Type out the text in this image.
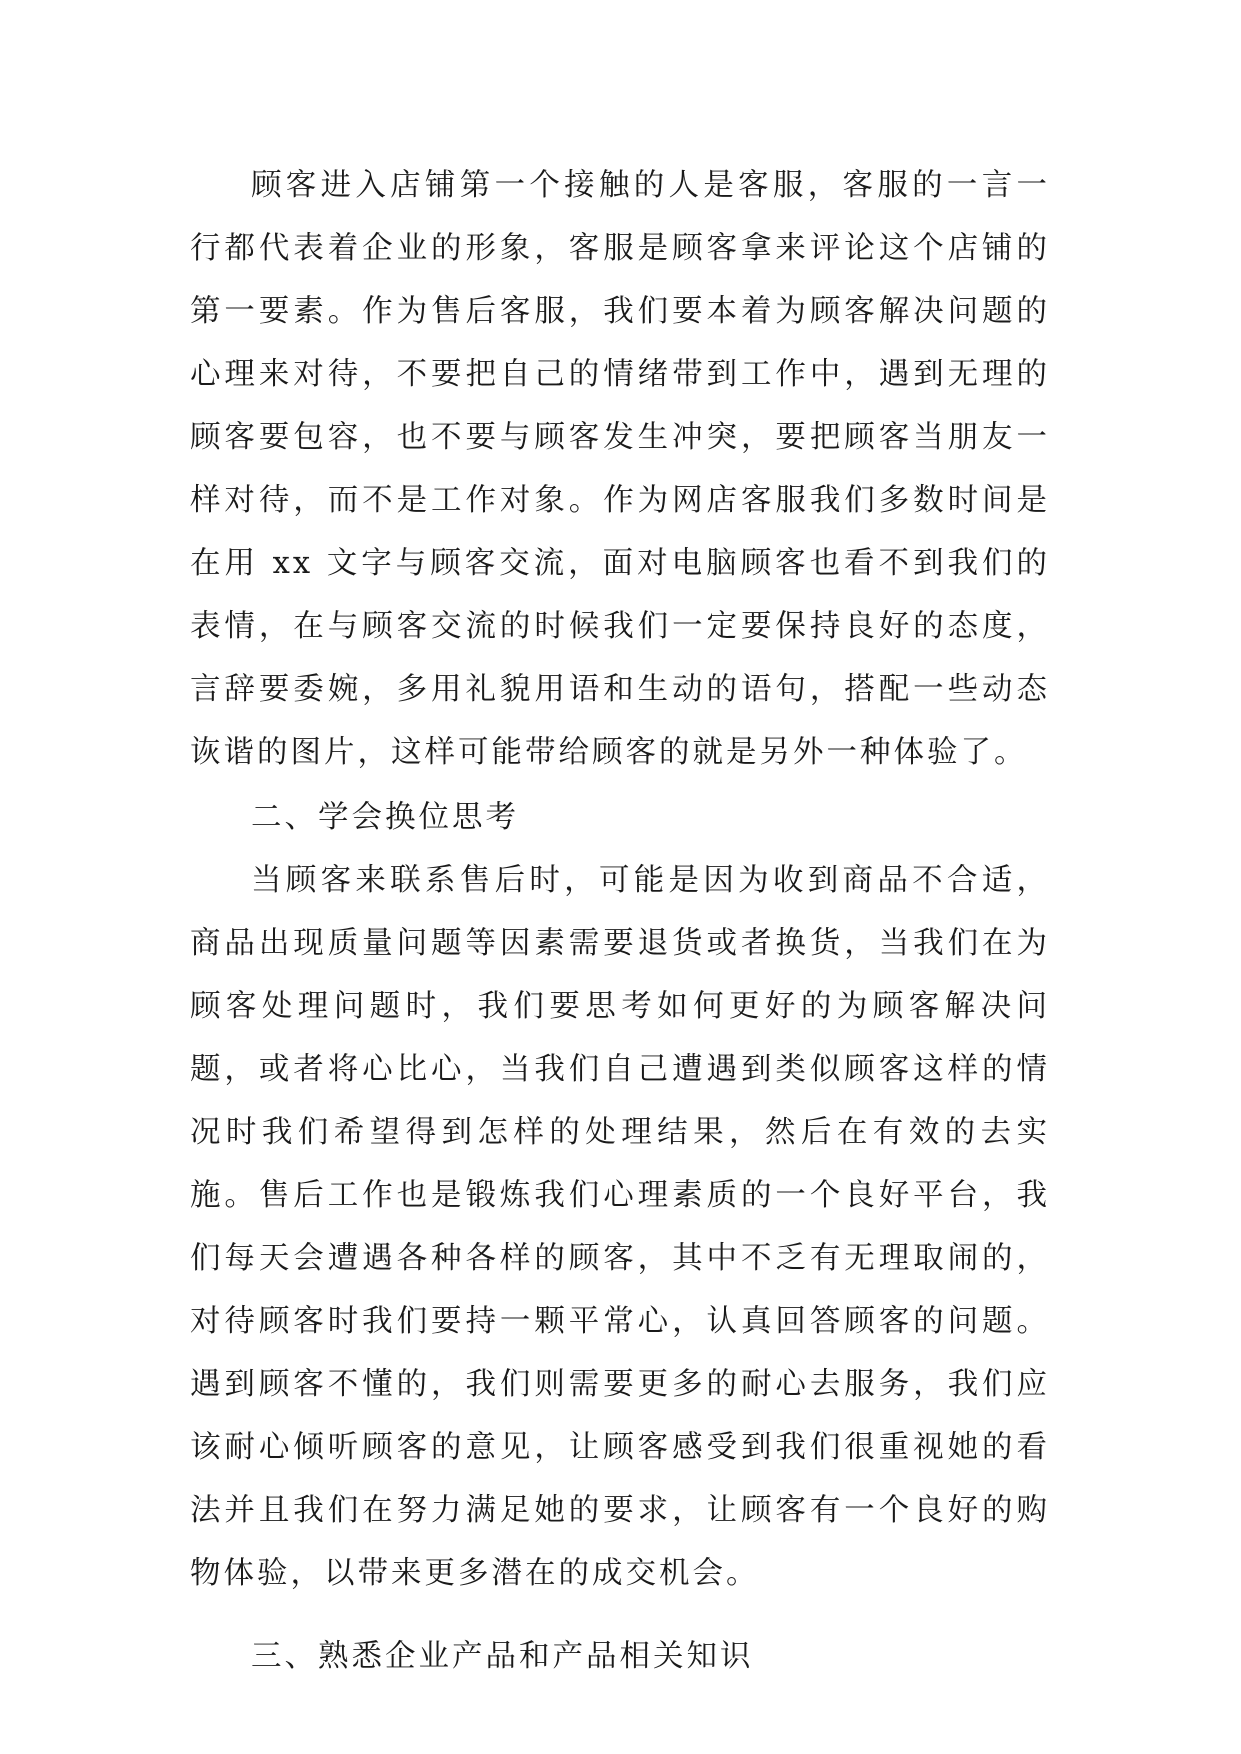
顾客进入店铺第一个接触的人是客服，客服的一言一行都代表着企业的形象，客服是顾客拿来评论这个店铺的第一要素。作为售后客服，我们要本着为顾客解决问题的心理来对待，不要把自己的情绪带到工作中，遇到无理的顾客要包容，也不要与顾客发生冲突，要把顾客当朋友一样对待，而不是工作对象。作为网店客服我们多数时间是在用 xx 文字与顾客交流，面对电脑顾客也看不到我们的表情，在与顾客交流的时候我们一定要保持良好的态度，言辞要委婉，多用礼貌用语和生动的语句，搭配一些动态诙谐的图片，这样可能带给顾客的就是另外一种体验了。

二、学会换位思考

当顾客来联系售后时，可能是因为收到商品不合适，商品出现质量问题等因素需要退货或者换货，当我们在为顾客处理问题时，我们要思考如何更好的为顾客解决问题，或者将心比心，当我们自己遭遇到类似顾客这样的情况时我们希望得到怎样的处理结果，然后在有效的去实施。售后工作也是锻炼我们心理素质的一个良好平台，我们每天会遭遇各种各样的顾客，其中不乏有无理取闹的，对待顾客时我们要持一颗平常心，认真回答顾客的问题。遇到顾客不懂的，我们则需要更多的耐心去服务，我们应该耐心倾听顾客的意见，让顾客感受到我们很重视她的看法并且我们在努力满足她的要求，让顾客有一个良好的购物体验，以带来更多潜在的成交机会。

三、熟悉企业产品和产品相关知识
